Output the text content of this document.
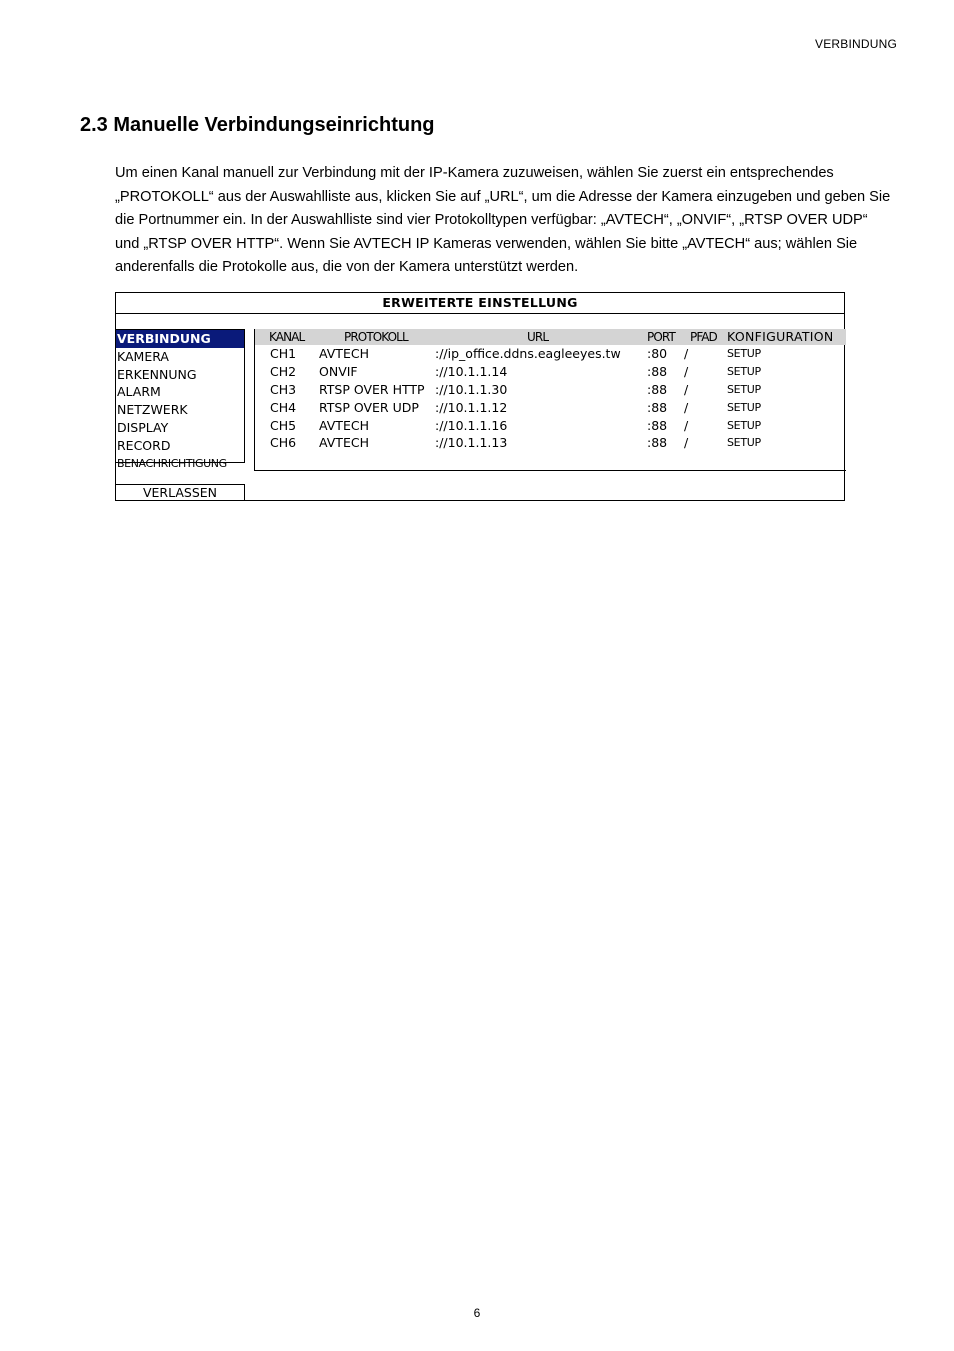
VERBINDUNG
2.3 Manuelle Verbindungseinrichtung

Um einen Kanal manuell zur Verbindung mit der IP-Kamera zuzuweisen, wählen Sie zuerst ein entsprechendes „PROTOKOLL“ aus der Auswahlliste aus, klicken Sie auf „URL“, um die Adresse der Kamera einzugeben und geben Sie die Portnummer ein. In der Auswahlliste sind vier Protokolltypen verfügbar: „AVTECH“, „ONVIF“, „RTSP OVER UDP“ und „RTSP OVER HTTP“. Wenn Sie AVTECH IP Kameras verwenden, wählen Sie bitte „AVTECH“ aus; wählen Sie anderenfalls die Protokolle aus, die von der Kamera unterstützt werden.

ERWEITERTE EINSTELLUNG
VERBINDUNG
KAMERA
ERKENNUNG
ALARM
NETZWERK
DISPLAY
RECORD
BENACHRICHTIGUNG
VERLASSEN
KANAL	PROTOKOLL	URL	PORT PFAD KONFIGURATION
CH1 AVTECH	://ip_office.ddns.eagleeyes.tw :80 /	SETUP
CH2 ONVIF	://10.1.1.14	:88 /	SETUP
CH3 RTSP OVER HTTP ://10.1.1.30	:88 /	SETUP
CH4 RTSP OVER UDP ://10.1.1.12	:88 /	SETUP
CH5 AVTECH	://10.1.1.16	:88 /	SETUP
CH6 AVTECH	://10.1.1.13	:88 /	SETUP
6
